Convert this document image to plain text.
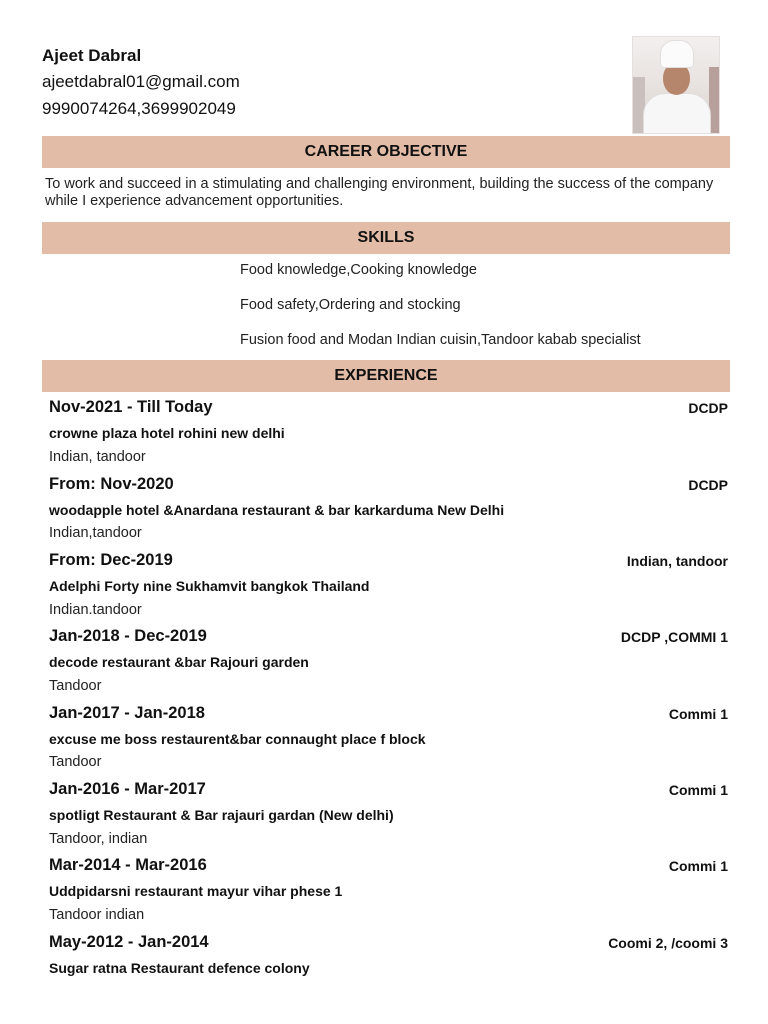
Ajeet Dabral
ajeetdabral01@gmail.com
9990074264,3699902049
CAREER OBJECTIVE
To work and succeed in a stimulating and challenging environment, building the success of the company while I experience advancement opportunities.
SKILLS
Food knowledge,Cooking knowledge
Food safety,Ordering and stocking
Fusion food and Modan Indian cuisin,Tandoor kabab specialist
EXPERIENCE
Nov-2021 - Till Today	DCDP
crowne plaza hotel rohini new delhi
Indian, tandoor
From: Nov-2020	DCDP
woodapple hotel &Anardana restaurant & bar karkarduma New Delhi
Indian,tandoor
From: Dec-2019	Indian, tandoor
Adelphi Forty nine Sukhamvit bangkok Thailand
Indian.tandoor
Jan-2018 - Dec-2019	DCDP ,COMMI 1
decode restaurant &bar Rajouri garden
Tandoor
Jan-2017 - Jan-2018	Commi 1
excuse me boss restaurent&bar connaught place f block
Tandoor
Jan-2016 - Mar-2017	Commi 1
spotligt Restaurant & Bar rajauri gardan (New delhi)
Tandoor, indian
Mar-2014 - Mar-2016	Commi 1
Uddpidarsni restaurant mayur vihar phese 1
Tandoor indian
May-2012 - Jan-2014	Coomi 2, /coomi 3
Sugar ratna Restaurant defence colony
